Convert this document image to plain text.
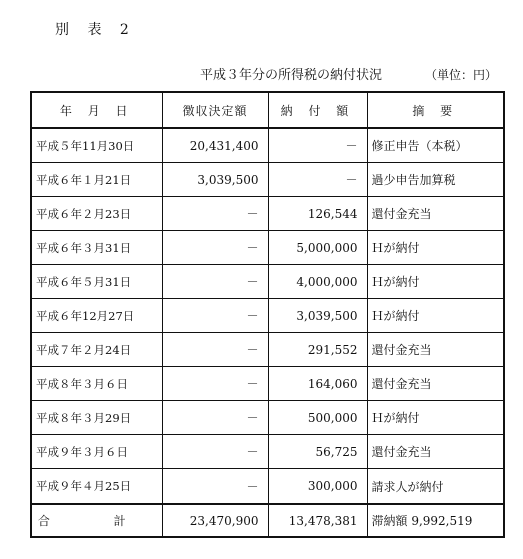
別 表 2
平成３年分の所得税の納付状況	（単位：円）
年 月 日	徴収決定額	納 付 額	摘 要
平成５年11月30日	20,431,400	－	修正申告（本税）
平成６年１月21日	3,039,500	－	過少申告加算税
平成６年２月23日	－	126,544	還付金充当
平成６年３月31日	－	5,000,000	Ｈが納付
平成６年５月31日	－	4,000,000	Ｈが納付
平成６年12月27日	－	3,039,500	Ｈが納付
平成７年２月24日	－	291,552	還付金充当
平成８年３月６日	－	164,060	還付金充当
平成８年３月29日	－	500,000	Ｈが納付
平成９年３月６日	－	56,725	還付金充当
平成９年４月25日	－	300,000	請求人が納付
合 計	23,470,900	13,478,381	滞納額 9,992,519
